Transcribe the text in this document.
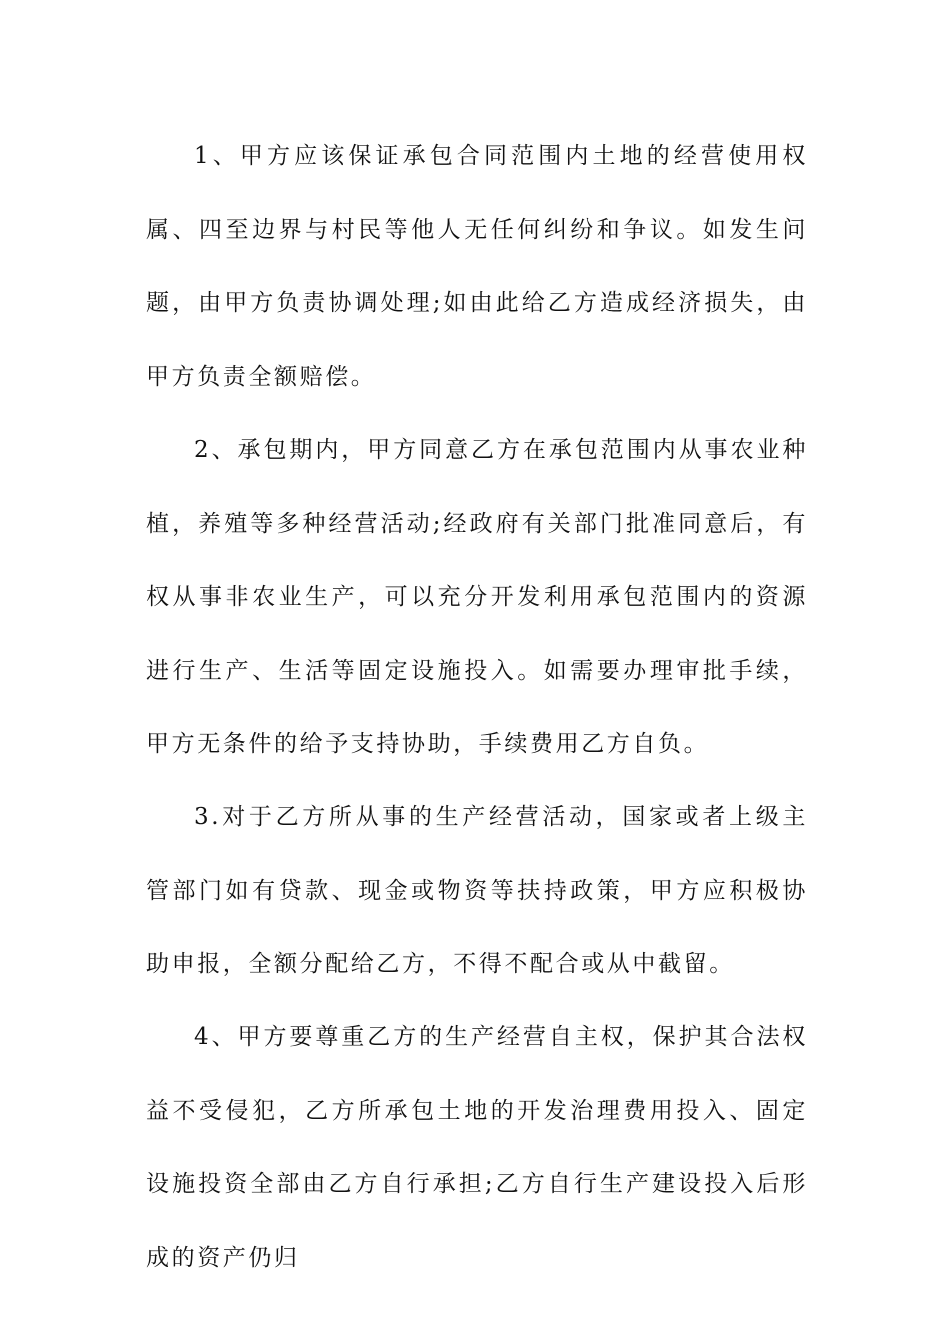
1、甲方应该保证承包合同范围内土地的经营使用权属、四至边界与村民等他人无任何纠纷和争议。如发生问题，由甲方负责协调处理;如由此给乙方造成经济损失，由甲方负责全额赔偿。

2、承包期内，甲方同意乙方在承包范围内从事农业种植，养殖等多种经营活动;经政府有关部门批准同意后，有权从事非农业生产，可以充分开发利用承包范围内的资源进行生产、生活等固定设施投入。如需要办理审批手续，甲方无条件的给予支持协助，手续费用乙方自负。

3.对于乙方所从事的生产经营活动，国家或者上级主管部门如有贷款、现金或物资等扶持政策，甲方应积极协助申报，全额分配给乙方，不得不配合或从中截留。

4、甲方要尊重乙方的生产经营自主权，保护其合法权益不受侵犯，乙方所承包土地的开发治理费用投入、固定设施投资全部由乙方自行承担;乙方自行生产建设投入后形成的资产仍归
